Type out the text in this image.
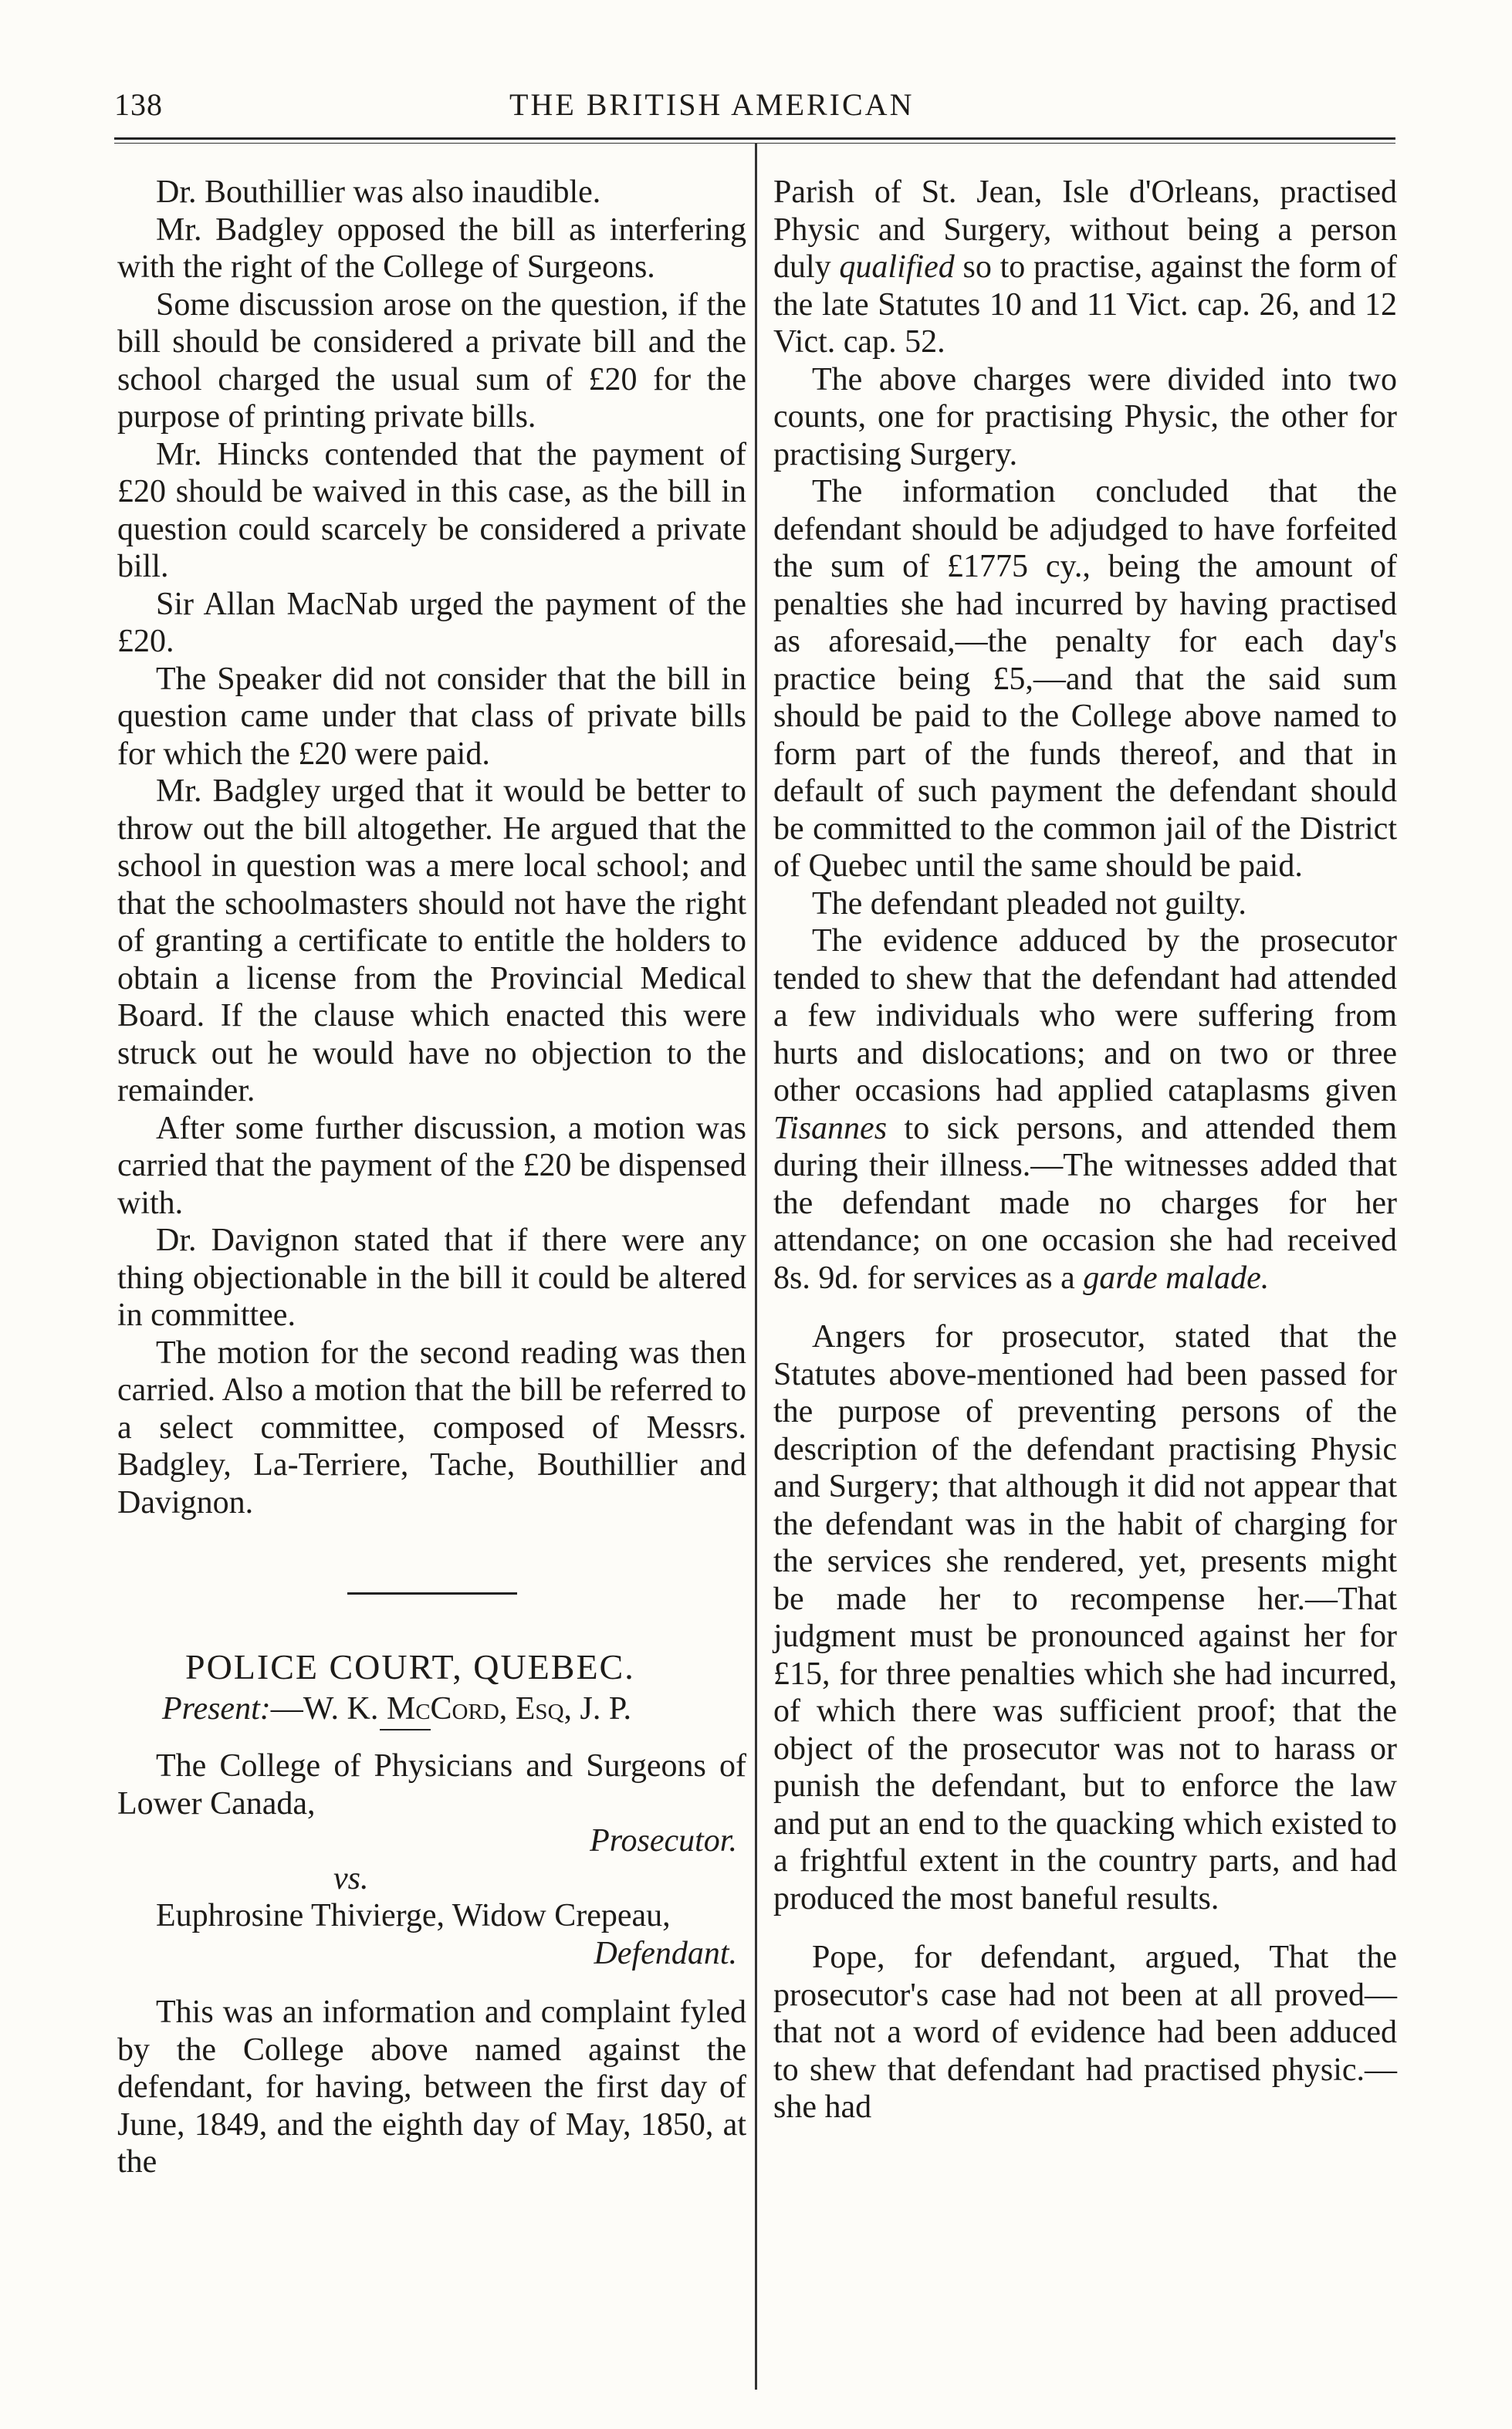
138	THE BRITISH AMERICAN

Dr. Bouthillier was also inaudible.

Mr. Badgley opposed the bill as interfering with the right of the College of Surgeons.

Some discussion arose on the question, if the bill should be considered a private bill and the school charged the usual sum of £20 for the purpose of printing private bills.

Mr. Hincks contended that the payment of £20 should be waived in this case, as the bill in question could scarcely be considered a private bill.

Sir Allan MacNab urged the payment of the £20.

The Speaker did not consider that the bill in question came under that class of private bills for which the £20 were paid.

Mr. Badgley urged that it would be better to throw out the bill altogether. He argued that the school in question was a mere local school; and that the schoolmasters should not have the right of granting a certificate to entitle the holders to obtain a license from the Provincial Medical Board. If the clause which enacted this were struck out he would have no objection to the remainder.

After some further discussion, a motion was carried that the payment of the £20 be dispensed with.

Dr. Davignon stated that if there were any thing objectionable in the bill it could be altered in committee.

The motion for the second reading was then carried. Also a motion that the bill be referred to a select committee, composed of Messrs. Badgley, La-Terriere, Tache, Bouthillier and Davignon.

POLICE COURT, QUEBEC.

Present:—W. K. McCord, Esq, J. P.

The College of Physicians and Surgeons of Lower Canada,

Prosecutor.

vs.

Euphrosine Thivierge, Widow Crepeau,

Defendant.

This was an information and complaint fyled by the College above named against the defendant, for having, between the first day of June, 1849, and the eighth day of May, 1850, at the

Parish of St. Jean, Isle d'Orleans, practised Physic and Surgery, without being a person duly qualified so to practise, against the form of the late Statutes 10 and 11 Vict. cap. 26, and 12 Vict. cap. 52.

The above charges were divided into two counts, one for practising Physic, the other for practising Surgery.

The information concluded that the defendant should be adjudged to have forfeited the sum of £1775 cy., being the amount of penalties she had incurred by having practised as aforesaid,—the penalty for each day's practice being £5,—and that the said sum should be paid to the College above named to form part of the funds thereof, and that in default of such payment the defendant should be committed to the common jail of the District of Quebec until the same should be paid.

The defendant pleaded not guilty.

The evidence adduced by the prosecutor tended to shew that the defendant had attended a few individuals who were suffering from hurts and dislocations; and on two or three other occasions had applied cataplasms given Tisannes to sick persons, and attended them during their illness.—The witnesses added that the defendant made no charges for her attendance; on one occasion she had received 8s. 9d. for services as a garde malade.

Angers for prosecutor, stated that the Statutes above-mentioned had been passed for the purpose of preventing persons of the description of the defendant practising Physic and Surgery; that although it did not appear that the defendant was in the habit of charging for the services she rendered, yet, presents might be made her to recompense her.—That judgment must be pronounced against her for £15, for three penalties which she had incurred, of which there was sufficient proof; that the object of the prosecutor was not to harass or punish the defendant, but to enforce the law and put an end to the quacking which existed to a frightful extent in the country parts, and had produced the most baneful results.

Pope, for defendant, argued, That the prosecutor's case had not been at all proved—that not a word of evidence had been adduced to shew that defendant had practised physic.—she had
